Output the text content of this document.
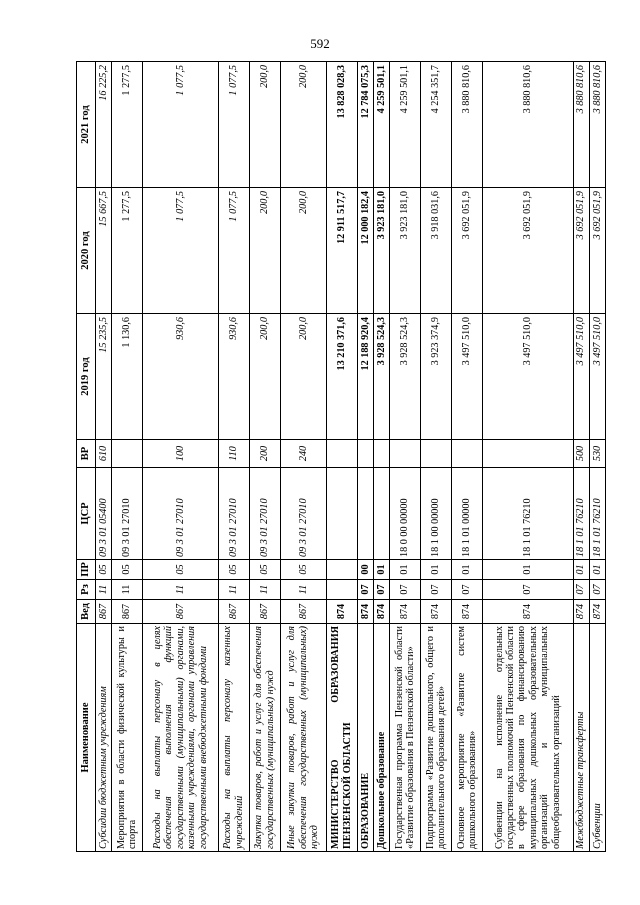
592
Наименование	Вед	Рз	ПР	ЦСР	ВР	2019 год	2020 год	2021 год
Субсидии бюджетным учреждениям	867	11	05	09 3 01 05400	610	15 235,5	15 667,5	16 225,2
Мероприятия в области физической культуры и спорта	867	11	05	09 3 01 27010		1 130,6	1 277,5	1 277,5
Расходы на выплаты персоналу в целях обеспечения выполнения функций государственными (муниципальными) органами, казенными учреждениями, органами управления государственными внебюджетными фондами	867	11	05	09 3 01 27010	100	930,6	1 077,5	1 077,5
Расходы на выплаты персоналу казенных учреждений	867	11	05	09 3 01 27010	110	930,6	1 077,5	1 077,5
Закупка товаров, работ и услуг для обеспечения государственных (муниципальных) нужд	867	11	05	09 3 01 27010	200	200,0	200,0	200,0
Иные закупки товаров, работ и услуг для обеспечения государственных (муниципальных) нужд	867	11	05	09 3 01 27010	240	200,0	200,0	200,0
МИНИСТЕРСТВО ОБРАЗОВАНИЯ ПЕНЗЕНСКОЙ ОБЛАСТИ	874					13 210 371,6	12 911 517,7	13 828 028,3
ОБРАЗОВАНИЕ	874	07	00			12 188 920,4	12 000 182,4	12 784 075,3
Дошкольное образование	874	07	01			3 928 524,3	3 923 181,0	4 259 501,1
Государственная программа Пензенской области «Развитие образования в Пензенской области»	874	07	01	18 0 00 00000		3 928 524,3	3 923 181,0	4 259 501,1
Подпрограмма «Развитие дошкольного, общего и дополнительного образования детей»	874	07	01	18 1 00 00000		3 923 374,9	3 918 031,6	4 254 351,7
Основное мероприятие «Развитие систем дошкольного образования»	874	07	01	18 1 01 00000		3 497 510,0	3 692 051,9	3 880 810,6
Субвенции на исполнение отдельных государственных полномочий Пензенской области в сфере образования по финансированию муниципальных дошкольных образовательных организаций и муниципальных общеобразовательных организаций	874	07	01	18 1 01 76210		3 497 510,0	3 692 051,9	3 880 810,6
Межбюджетные трансферты	874	07	01	18 1 01 76210	500	3 497 510,0	3 692 051,9	3 880 810,6
Субвенции	874	07	01	18 1 01 76210	530	3 497 510,0	3 692 051,9	3 880 810,6
